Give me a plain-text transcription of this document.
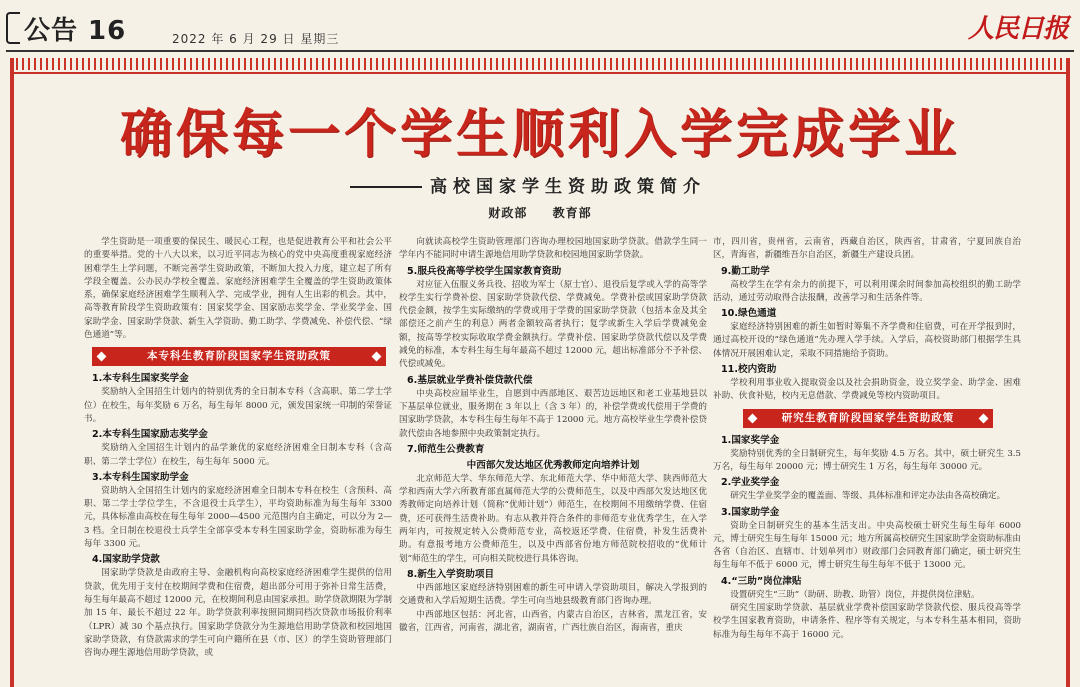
公告 16	2022 年 6 月 29 日 星期三	人民日报
确保每一个学生顺利入学完成学业
高校国家学生资助政策简介
财政部 教育部

学生资助是一项重要的保民生、暖民心工程，也是促进教育公平和社会公平的重要举措。党的十八大以来，以习近平同志为核心的党中央高度重视家庭经济困难学生上学问题，不断完善学生资助政策，不断加大投入力度，建立起了所有学段全覆盖、公办民办学校全覆盖、家庭经济困难学生全覆盖的学生资助政策体系，确保家庭经济困难学生顺利入学、完成学业，拥有人生出彩的机会。其中，高等教育阶段学生资助政策有：国家奖学金、国家励志奖学金、学业奖学金、国家助学金、国家助学贷款、新生入学资助、勤工助学、学费减免、补偿代偿、“绿色通道”等。

本专科生教育阶段国家学生资助政策
1.本专科生国家奖学金

奖励纳入全国招生计划内的特别优秀的全日制本专科（含高职、第二学士学位）在校生，每年奖励 6 万名，每生每年 8000 元，颁发国家统一印制的荣誉证书。

2.本专科生国家励志奖学金

奖励纳入全国招生计划内的品学兼优的家庭经济困难全日制本专科（含高职、第二学士学位）在校生，每生每年 5000 元。

3.本专科生国家助学金

资助纳入全国招生计划内的家庭经济困难全日制本专科在校生（含预科、高职、第二学士学位学生，不含退役士兵学生），平均资助标准为每生每年 3300 元，具体标准由高校在每生每年 2000—4500 元范围内自主确定，可以分为 2—3 档。全日制在校退役士兵学生全部享受本专科生国家助学金，资助标准为每生每年 3300 元。

4.国家助学贷款

国家助学贷款是由政府主导、金融机构向高校家庭经济困难学生提供的信用贷款，优先用于支付在校期间学费和住宿费，超出部分可用于弥补日常生活费，每生每年最高不超过 12000 元，在校期间利息由国家承担。助学贷款期限为学制加 15 年、最长不超过 22 年。助学贷款利率按照同期同档次贷款市场报价利率（LPR）减 30 个基点执行。国家助学贷款分为生源地信用助学贷款和校园地国家助学贷款，有贷款需求的学生可向户籍所在县（市、区）的学生资助管理部门咨询办理生源地信用助学贷款，或

向就读高校学生资助管理部门咨询办理校园地国家助学贷款。借款学生同一学年内不能同时申请生源地信用助学贷款和校园地国家助学贷款。

5.服兵役高等学校学生国家教育资助

对应征入伍服义务兵役、招收为军士（原士官）、退役后复学或入学的高等学校学生实行学费补偿、国家助学贷款代偿、学费减免。学费补偿或国家助学贷款代偿金额，按学生实际缴纳的学费或用于学费的国家助学贷款（包括本金及其全部偿还之前产生的利息）两者金额较高者执行；复学或新生入学后学费减免金额，按高等学校实际收取学费金额执行。学费补偿、国家助学贷款代偿以及学费减免的标准，本专科生每生每年最高不超过 12000 元，超出标准部分不予补偿、代偿或减免。

6.基层就业学费补偿贷款代偿

中央高校应届毕业生，自愿到中西部地区、艰苦边远地区和老工业基地县以下基层单位就业，服务期在 3 年以上（含 3 年）的，补偿学费或代偿用于学费的国家助学贷款，本专科生每生每年不高于 12000 元。地方高校毕业生学费补偿贷款代偿由各地参照中央政策制定执行。

7.师范生公费教育
中西部欠发达地区优秀教师定向培养计划

北京师范大学、华东师范大学、东北师范大学、华中师范大学、陕西师范大学和西南大学六所教育部直属师范大学的公费师范生，以及中西部欠发达地区优秀教师定向培养计划（简称“优师计划”）师范生，在校期间不用缴纳学费、住宿费，还可获得生活费补助。有志从教并符合条件的非师范专业优秀学生，在入学两年内，可按规定转入公费师范专业，高校返还学费、住宿费，补发生活费补助。有意报考地方公费师范生，以及中西部省份地方师范院校招收的“优师计划”师范生的学生，可向相关院校进行具体咨询。

8.新生入学资助项目

中西部地区家庭经济特别困难的新生可申请入学资助项目，解决入学报到的交通费和入学后短期生活费。学生可向当地县级教育部门咨询办理。

中西部地区包括：河北省，山西省，内蒙古自治区，吉林省，黑龙江省，安徽省，江西省，河南省，湖北省，湖南省，广西壮族自治区，海南省，重庆

市，四川省，贵州省，云南省，西藏自治区，陕西省，甘肃省，宁夏回族自治区，青海省，新疆维吾尔自治区，新疆生产建设兵团。

9.勤工助学

高校学生在学有余力的前提下，可以利用课余时间参加高校组织的勤工助学活动，通过劳动取得合法报酬，改善学习和生活条件等。

10.绿色通道

家庭经济特别困难的新生如暂时筹集不齐学费和住宿费，可在开学报到时，通过高校开设的“绿色通道”先办理入学手续。入学后，高校资助部门根据学生具体情况开展困难认定，采取不同措施给予资助。

11.校内资助

学校利用事业收入提取资金以及社会捐助资金，设立奖学金、助学金、困难补助、伙食补贴，校内无息借款、学费减免等校内资助项目。

研究生教育阶段国家学生资助政策
1.国家奖学金

奖励特别优秀的全日制研究生，每年奖励 4.5 万名。其中，硕士研究生 3.5 万名，每生每年 20000 元；博士研究生 1 万名，每生每年 30000 元。

2.学业奖学金

研究生学业奖学金的覆盖面、等级、具体标准和评定办法由各高校确定。

3.国家助学金

资助全日制研究生的基本生活支出。中央高校硕士研究生每生每年 6000 元，博士研究生每生每年 15000 元；地方所属高校研究生国家助学金资助标准由各省（自治区、直辖市、计划单列市）财政部门会同教育部门确定，硕士研究生每生每年不低于 6000 元，博士研究生每生每年不低于 13000 元。

4.“三助”岗位津贴

设置研究生“三助”（助研、助教、助管）岗位，并提供岗位津贴。

研究生国家助学贷款、基层就业学费补偿国家助学贷款代偿、服兵役高等学校学生国家教育资助，申请条件、程序等有关规定，与本专科生基本相同，资助标准为每生每年不高于 16000 元。
